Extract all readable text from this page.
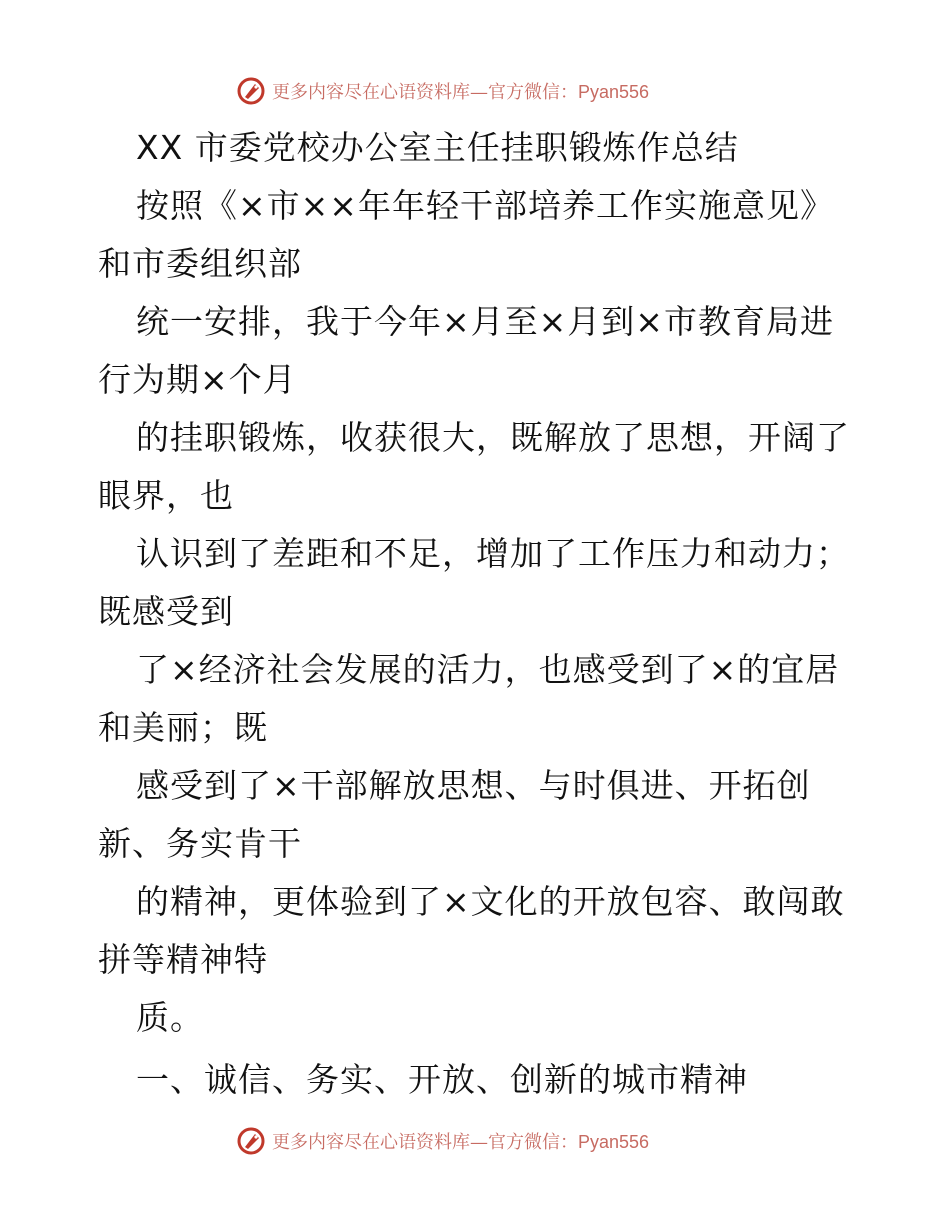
更多内容尽在心语资料库—官方微信：Pyan556
XX 市委党校办公室主任挂职锻炼作总结
按照《×市××年年轻干部培养工作实施意见》
和市委组织部
统一安排，我于今年×月至×月到×市教育局进
行为期×个月
的挂职锻炼，收获很大，既解放了思想，开阔了
眼界，也
认识到了差距和不足，增加了工作压力和动力；
既感受到
了×经济社会发展的活力，也感受到了×的宜居
和美丽；既
感受到了×干部解放思想、与时俱进、开拓创
新、务实肯干
的精神，更体验到了×文化的开放包容、敢闯敢
拼等精神特
质。
一、诚信、务实、开放、创新的城市精神
更多内容尽在心语资料库—官方微信：Pyan556
